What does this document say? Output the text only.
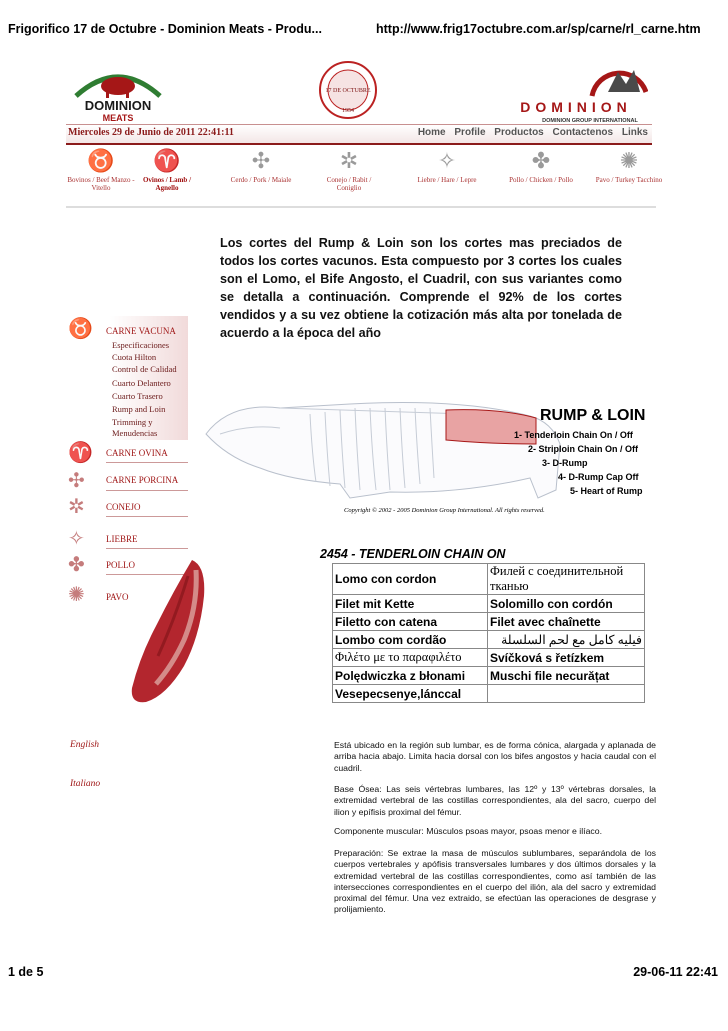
Frigorifico 17 de Octubre - Dominion Meats - Produ...	http://www.frig17octubre.com.ar/sp/carne/rl_carne.htm
DOMINION
MEATS
17 DE OCTUBRE
1954	DOMINION
DOMINION GROUP INTERNATIONAL
Miercoles 29 de Junio de 2011 22:41:11	Home Profile Productos Contactenos Links
♉
Bovinos / Beef Manzo - Vitello
♈
Ovinos / Lamb / Agnello
✣
Cerdo / Pork / Maiale
✲
Conejo / Rabit / Coniglio
✧
Liebre / Hare / Lepre
✤
Pollo / Chicken / Pollo
✺
Pavo / Turkey Tacchino
Los cortes del Rump & Loin son los cortes mas preciados de todos los cortes vacunos. Esta compuesto por 3 cortes los cuales son el Lomo, el Bife Angosto, el Cuadril, con sus variantes como se detalla a continuación. Comprende el 92% de los cortes vendidos y a su vez obtiene la cotización más alta por tonelada de acuerdo a la época del año
♉ CARNE VACUNA
Especificaciones
Cuota Hilton
Control de Calidad
Cuarto Delantero
Cuarto Trasero
Rump and Loin
Trimming y Menudencias
♈ CARNE OVINA
✣ CARNE PORCINA
✲ CONEJO
✧ LIEBRE
✤ POLLO
✺ PAVO
RUMP & LOIN
1- Tenderloin Chain On / Off
2- Striploin Chain On / Off
3- D-Rump
4- D-Rump Cap Off
5- Heart of Rump
Copyright © 2002 - 2005 Dominion Group International. All rights reserved.
2454 - TENDERLOIN CHAIN ON
Lomo con cordon	Филей с соединительной тканью
Filet mit Kette	Solomillo con cordón
Filetto con catena	Filet avec chaînette
Lombo com cordão	فيليه كامل مع لحم السلسلة
Φιλέτο με το παραφιλέτο	Svíčková s řetízkem
Polędwiczka z błonami	Muschi file necurățat
Vesepecsenye,lánccal	
English
Italiano
Está ubicado en la región sub lumbar, es de forma cónica, alargada y aplanada de arriba hacia abajo. Limita hacia dorsal con los bifes angostos y hacia caudal con el cuadril.
Base Ósea: Las seis vértebras lumbares, las 12º y 13º vértebras dorsales, la extremidad vertebral de las costillas correspondientes, ala del sacro, cuerpo del ilion y epífisis proximal del fémur.
Componente muscular: Músculos psoas mayor, psoas menor e ilíaco.
Preparación: Se extrae la masa de músculos sublumbares, separándola de los cuerpos vertebrales y apófisis transversales lumbares y dos últimos dorsales y la extremidad vertebral de las costillas correspondientes, como así también de las intersecciones correspondientes en el cuerpo del ilión, ala del sacro y extremidad proximal del fémur. Una vez extraido, se efectúan las operaciones de desgrase y prolijamiento.
1 de 5	29-06-11 22:41
